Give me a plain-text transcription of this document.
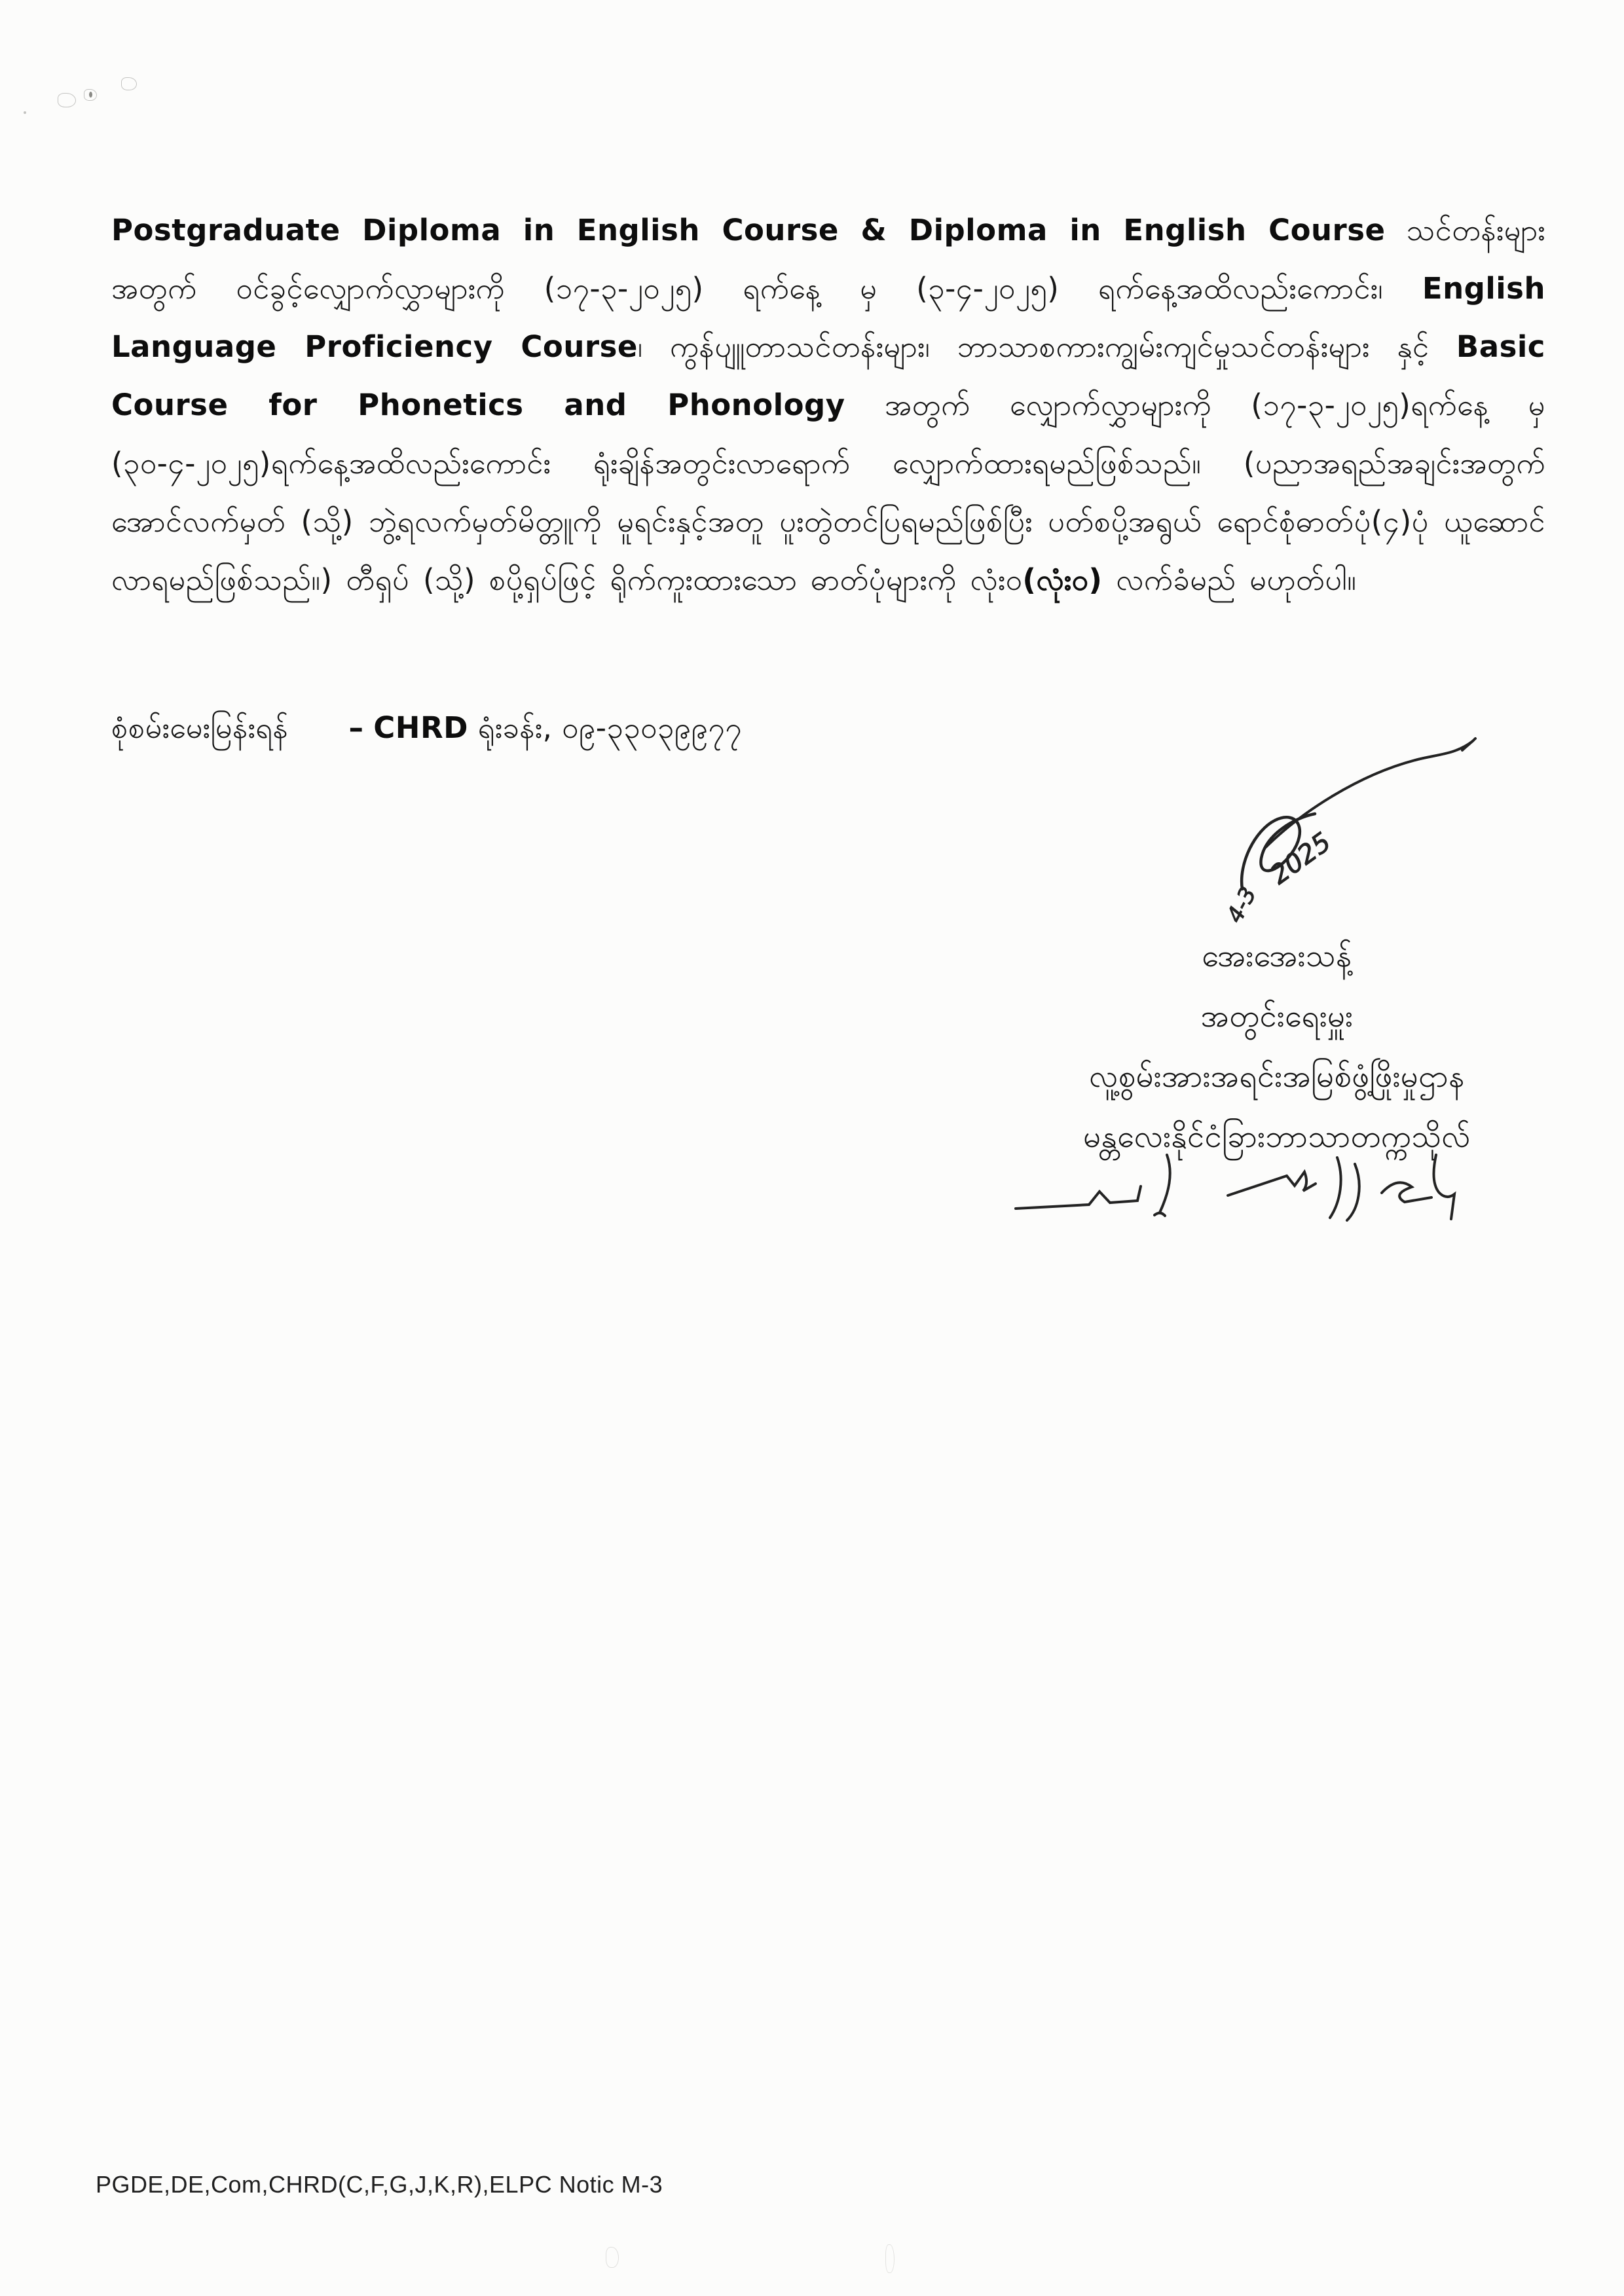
Postgraduate Diploma in English Course & Diploma in English Course သင်တန်းများအတွက် ဝင်ခွင့်လျှောက်လွှာများကို (၁၇-၃-၂၀၂၅) ရက်နေ့ မှ (၃-၄-၂၀၂၅) ရက်နေ့အထိလည်းကောင်း၊ English Language Proficiency Course၊ ကွန်ပျူတာသင်တန်းများ၊ ဘာသာစကားကျွမ်းကျင်မှုသင်တန်းများ နှင့် Basic Course for Phonetics and Phonology အတွက် လျှောက်လွှာများကို (၁၇-၃-၂၀၂၅)ရက်နေ့ မှ (၃၀-၄-၂၀၂၅)ရက်နေ့အထိလည်းကောင်း ရုံးချိန်အတွင်းလာရောက် လျှောက်ထားရမည်ဖြစ်သည်။ (ပညာအရည်အချင်းအတွက် အောင်လက်မှတ် (သို့) ဘွဲ့ရလက်မှတ်မိတ္တူကို မူရင်းနှင့်အတူ ပူးတွဲတင်ပြရမည်ဖြစ်ပြီး ပတ်စပို့အရွယ် ရောင်စုံဓာတ်ပုံ(၄)ပုံ ယူဆောင် လာရမည်ဖြစ်သည်။) တီရှပ် (သို့) စပို့ရှပ်ဖြင့် ရိုက်ကူးထားသော ဓာတ်ပုံများကို လုံးဝ(လုံးဝ) လက်ခံမည် မဟုတ်ပါ။

စုံစမ်းမေးမြန်းရန် – CHRD ရုံးခန်း, ၀၉-၃၃၀၃၉၉၇၇

2025
4-3
အေးအေးသန့်
အတွင်းရေးမှူး
လူ့စွမ်းအားအရင်းအမြစ်ဖွံ့ဖြိုးမှုဌာန
မန္တလေးနိုင်ငံခြားဘာသာတက္ကသိုလ်
PGDE,DE,Com,CHRD(C,F,G,J,K,R),ELPC Notic M-3
